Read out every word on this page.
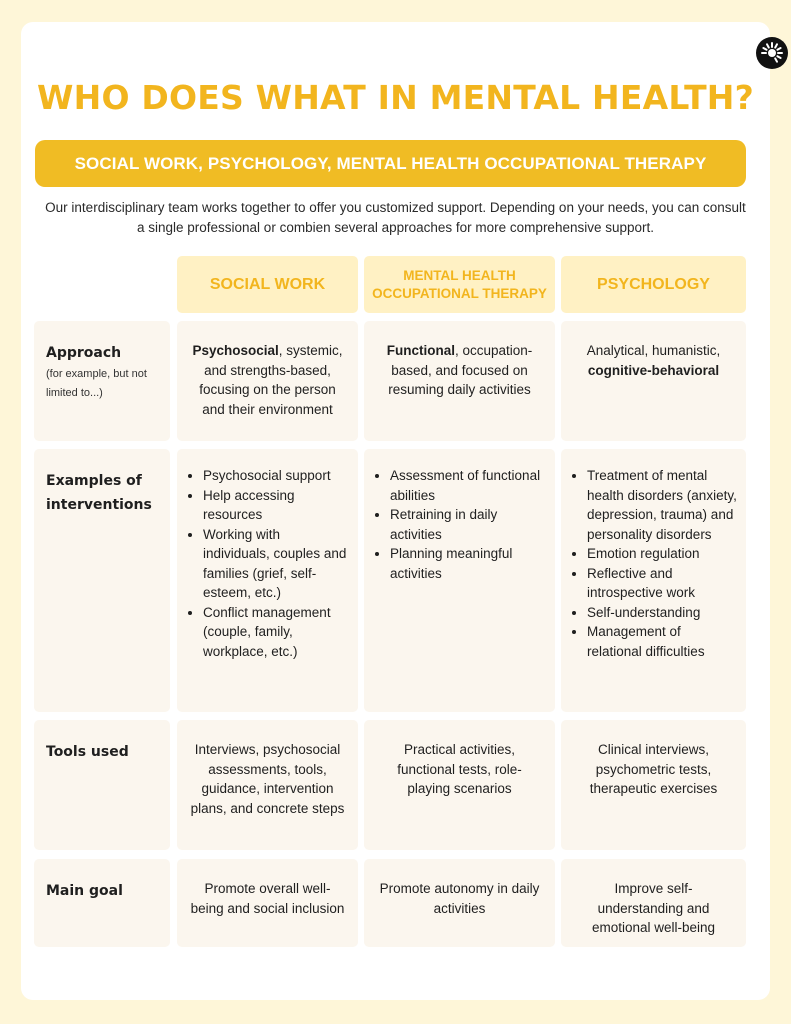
WHO DOES WHAT IN MENTAL HEALTH?
SOCIAL WORK, PSYCHOLOGY, MENTAL HEALTH OCCUPATIONAL THERAPY

Our interdisciplinary team works together to offer you customized support. Depending on your needs, you can consult a single professional or combien several approaches for more comprehensive support.

SOCIAL WORK
MENTAL HEALTH OCCUPATIONAL THERAPY
PSYCHOLOGY
Approach
(for example, but not limited to...)
Psychosocial, systemic, and strengths-based, focusing on the person and their environment
Functional, occupation-based, and focused on resuming daily activities
Analytical, humanistic, cognitive-behavioral
Examples of interventions
• Psychosocial support
• Help accessing resources
• Working with individuals, couples and families (grief, self-esteem, etc.)
• Conflict management (couple, family, workplace, etc.)
• Assessment of functional abilities
• Retraining in daily activities
• Planning meaningful activities
• Treatment of mental health disorders (anxiety, depression, trauma) and personality disorders
• Emotion regulation
• Reflective and introspective work
• Self-understanding
• Management of relational difficulties
Tools used	Interviews, psychosocial assessments, tools, guidance, intervention plans, and concrete steps
Practical activities, functional tests, role-playing scenarios
Clinical interviews, psychometric tests, therapeutic exercises
Main goal	Promote overall well-being and social inclusion
Promote autonomy in daily activities
Improve self-understanding and emotional well-being
